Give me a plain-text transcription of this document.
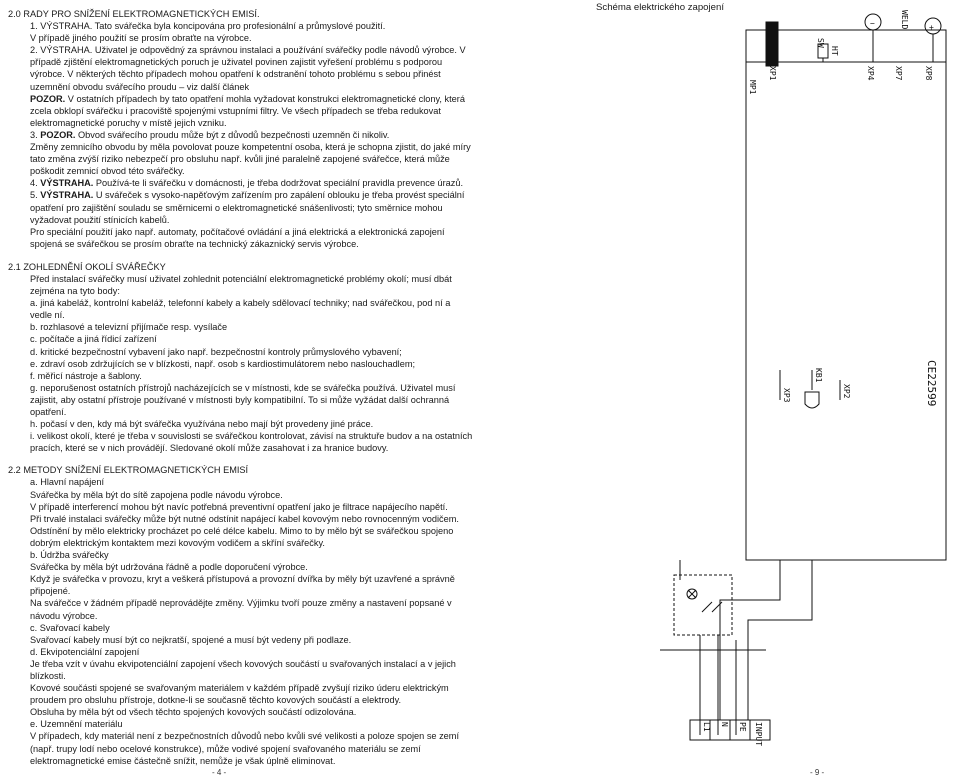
2.0 RADY PRO SNÍŽENÍ ELEKTROMAGNETICKÝCH EMISÍ.

1. VÝSTRAHA. Tato svářečka byla koncipována pro profesionální a průmyslové použití.

V případě jiného použití se prosím obraťte na výrobce.

2. VÝSTRAHA. Uživatel je odpovědný za správnou instalaci a používání svářečky podle návodů výrobce. V případě zjištění elektromagnetických poruch je uživatel povinen zajistit vyřešení problému s podporou výrobce. V některých těchto případech mohou opatření k odstranění tohoto problému s sebou přinést uzemnění obvodu svářecího proudu – viz další článek

POZOR. V ostatních případech by tato opatření mohla vyžadovat konstrukci elektromagnetické clony, která zcela obklopí svářečku i pracoviště spojenými vstupními filtry. Ve všech případech se třeba redukovat elektromagnetické poruchy v místě jejich vzniku.

3. POZOR. Obvod svářecího proudu může být z důvodů bezpečnosti uzemněn či nikoliv.

Změny zemnicího obvodu by měla povolovat pouze kompetentní osoba, která je schopna zjistit, do jaké míry tato změna zvýší riziko nebezpečí pro obsluhu např. kvůli jiné paralelně zapojené svářečce, která může poškodit zemnicí obvod této svářečky.

4. VÝSTRAHA. Používá-te li svářečku v domácnosti, je třeba dodržovat speciální pravidla prevence úrazů.

5. VÝSTRAHA. U svářeček s vysoko-napěťovým zařízením pro zapálení oblouku je třeba provést speciální opatření pro zajištění souladu se směrnicemi o elektromagnetické snášenlivosti; tyto směrnice mohou vyžadovat použití stínicích kabelů.

Pro speciální použití jako např. automaty, počítačové ovládání a jiná elektrická a elektronická zapojení spojená se svářečkou se prosím obraťte na technický zákaznický servis výrobce.

2.1 ZOHLEDNĚNÍ OKOLÍ SVÁŘEČKY

Před instalací svářečky musí uživatel zohlednit potenciální elektromagnetické problémy okolí; musí dbát zejména na tyto body:

a. jiná kabeláž, kontrolní kabeláž, telefonní kabely a kabely sdělovací techniky; nad svářečkou, pod ní a vedle ní.

b. rozhlasové a televizní přijímače resp. vysílače

c. počítače a jiná řídicí zařízení

d. kritické bezpečnostní vybavení jako např. bezpečnostní kontroly průmyslového vybavení;

e. zdraví osob zdržujících se v blízkosti, např. osob s kardiostimulátorem nebo naslouchadlem;

f. měřicí nástroje a šablony.

g. neporušenost ostatních přístrojů nacházejících se v místnosti, kde se svářečka používá. Uživatel musí zajistit, aby ostatní přístroje používané v místnosti byly kompatibilní. To si může vyžádat další ochranná opatření.

h. počasí v den, kdy má být svářečka využívána nebo mají být provedeny jiné práce.

i. velikost okolí, které je třeba v souvislosti se svářečkou kontrolovat, závisí na struktuře budov a na ostatních pracích, které se v nich provádějí. Sledované okolí může zasahovat i za hranice budovy.

2.2 METODY SNÍŽENÍ ELEKTROMAGNETICKÝCH EMISÍ

a. Hlavní napájení

Svářečka by měla být do sítě zapojena podle návodu výrobce.

V případě interferencí mohou být navíc potřebná preventivní opatření jako je filtrace napájecího napětí.

Při trvalé instalaci svářečky může být nutné odstínit napájecí kabel kovovým nebo rovnocenným vodičem. Odstínění by mělo elektricky procházet po celé délce kabelu. Mimo to by mělo být se svářečkou spojeno dobrým elektrickým kontaktem mezi kovovým vodičem a skříní svářečky.

b. Údržba svářečky

Svářečka by měla být udržována řádně a podle doporučení výrobce.

Když je svářečka v provozu, kryt a veškerá přístupová a provozní dvířka by měly být uzavřené a správně připojené.

Na svářečce v žádném případě neprovádějte změny. Výjimku tvoří pouze změny a nastavení popsané v návodu výrobce.

c. Svařovací kabely

Svařovací kabely musí být co nejkratší, spojené a musí být vedeny při podlaze.

d. Ekvipotenciální zapojení

Je třeba vzít v úvahu ekvipotenciální zapojení všech kovových součástí u svařovaných instalací a v jejich blízkosti.

Kovové součásti spojené se svařovaným materiálem v každém případě zvyšují riziko úderu elektrickým proudem pro obsluhu přístroje, dotkne-li se současně těchto kovových součástí a elektrody.

Obsluha by měla být od všech těchto spojených kovových součástí odizolována.

e. Uzemnění materiálu

V případech, kdy materiál není z bezpečnostních důvodů nebo kvůli své velikosti a poloze spojen se zemí (např. trupy lodí nebo ocelové konstrukce), může vodivé spojení svařovaného materiálu se zemí elektromagnetické emise částečně snížit, nemůže je však úplně eliminovat.

Schéma elektrického zapojení
WELD
−	+
SW
HT
XP4 XP7	XP8
XP1
MP1
XP3
KB1
XP2	CE22599
L1 N PE INPUT
- 4 -	- 9 -
